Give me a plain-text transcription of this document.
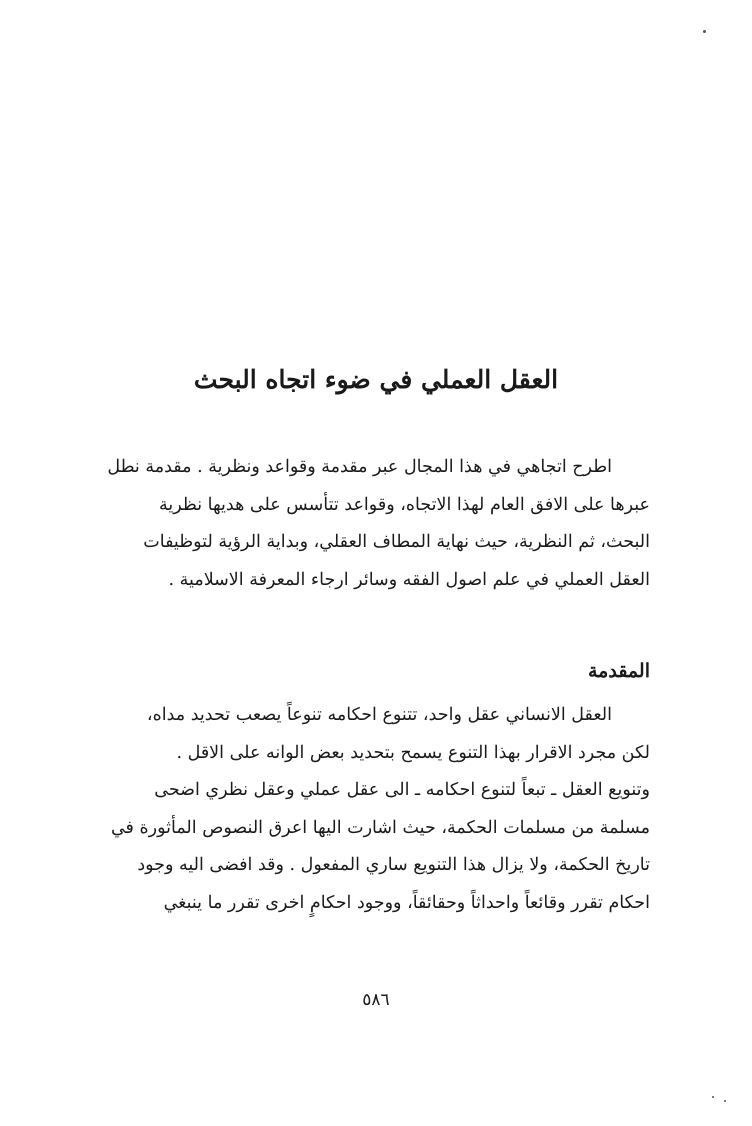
العقل العملي في ضوء اتجاه البحث
اطرح اتجاهي في هذا المجال عبر مقدمة وقواعد ونظرية . مقدمة نطل
عبرها على الافق العام لهذا الاتجاه، وقواعد تتأسس على هديها نظرية
البحث، ثم النظرية، حيث نهاية المطاف العقلي، وبداية الرؤية لتوظيفات
العقل العملي في علم اصول الفقه وسائر ارجاء المعرفة الاسلامية .
المقدمة
العقل الانساني عقل واحد، تتنوع احكامه تنوعاً يصعب تحديد مداه،
لكن مجرد الاقرار بهذا التنوع يسمح بتحديد بعض الوانه على الاقل .
وتنويع العقل ـ تبعاً لتنوع احكامه ـ الى عقل عملي وعقل نظري اضحى
مسلمة من مسلمات الحكمة، حيث اشارت اليها اعرق النصوص المأثورة في
تاريخ الحكمة، ولا يزال هذا التنويع ساري المفعول . وقد افضى اليه وجود
احكام تقرر وقائعاً واحداثاً وحقائقاً، ووجود احكامٍ اخرى تقرر ما ينبغي
٥٨٦
